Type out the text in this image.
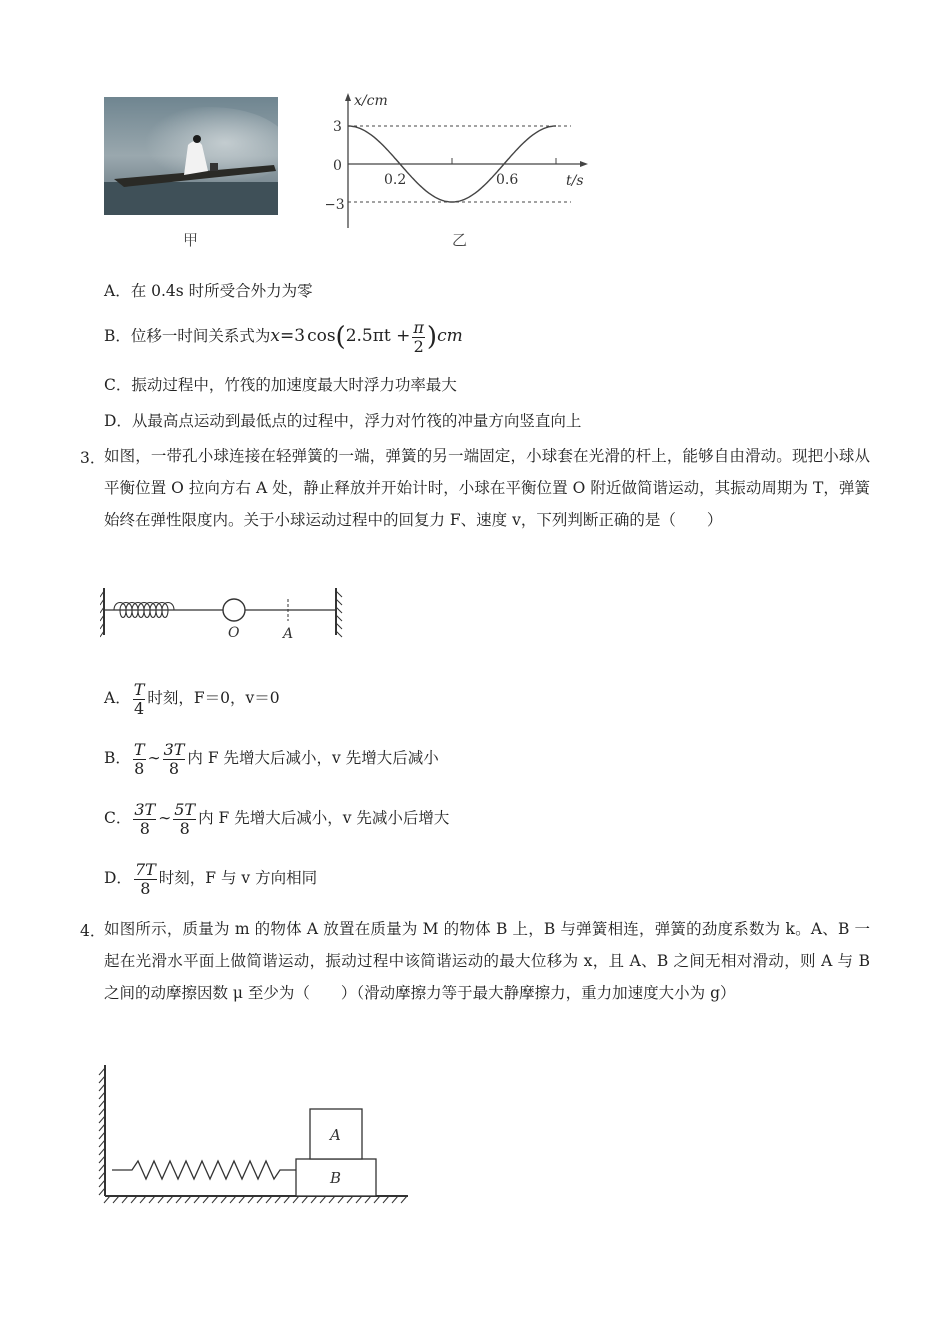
甲
x/cm
t/s
3
0
−3
0.2	0.6
乙
A．在 0.4s 时所受合外力为零
B．位移一时间关系式为x=3 $\cos(2.5\pi t + \frac{\pi}{2} )cm$
C．振动过程中，竹筏的加速度最大时浮力功率最大
D．从最高点运动到最低点的过程中，浮力对竹筏的冲量方向竖直向上
3．
如图，一带孔小球连接在轻弹簧的一端，弹簧的另一端固定，小球套在光滑的杆上，能够自由滑动。现把小球从平衡位置 O 拉向方右 A 处，静止释放并开始计时，小球在平衡位置 O 附近做简谐运动，其振动周期为 T，弹簧始终在弹性限度内。关于小球运动过程中的回复力 F、速度 v，下列判断正确的是（　　）
O	A
A． $\frac{T}{4}$ 时刻，F＝0，v＝0
B． $\frac{T}{8}$ ∼ $\frac{3T}{8}$ 内 F 先增大后减小，v 先增大后减小
C． $\frac{3T}{8}$ ∼ $\frac{5T}{8}$ 内 F 先增大后减小，v 先减小后增大
D． $\frac{7T}{8}$ 时刻，F 与 v 方向相同
4．
如图所示，质量为 m 的物体 A 放置在质量为 M 的物体 B 上，B 与弹簧相连，弹簧的劲度系数为 k。A、B 一起在光滑水平面上做简谐运动，振动过程中该简谐运动的最大位移为 x，且 A、B 之间无相对滑动，则 A 与 B 之间的动摩擦因数 μ 至少为（　　）（滑动摩擦力等于最大静摩擦力，重力加速度大小为 g）
A
B
